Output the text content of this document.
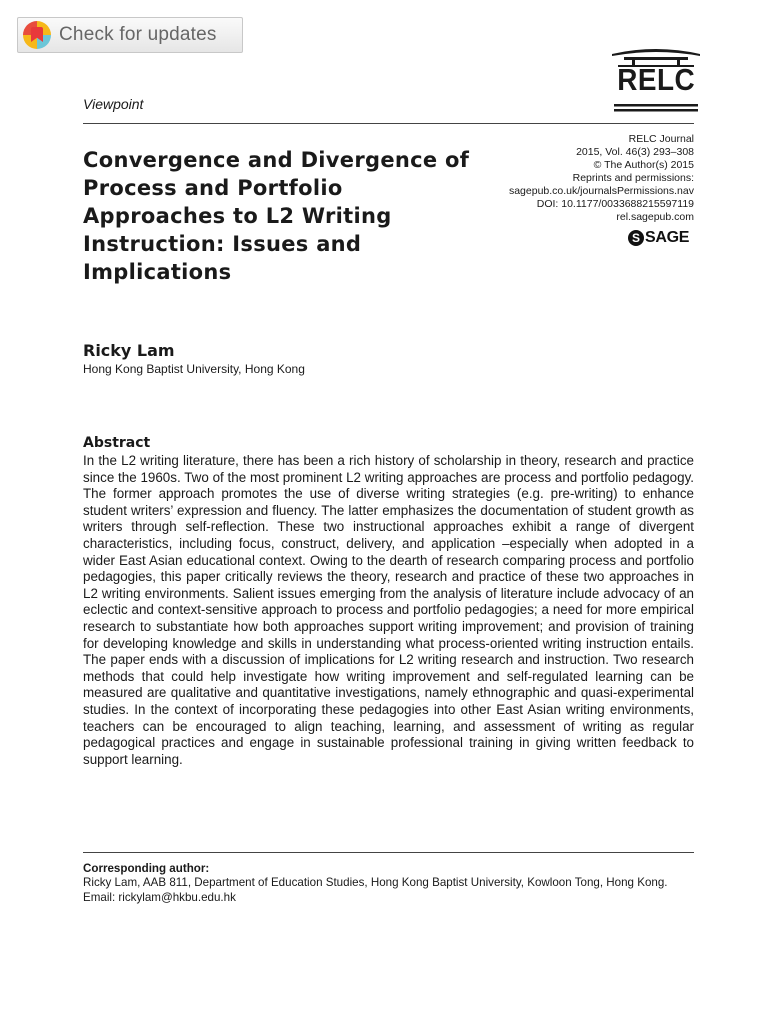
Check for updates
RELC
Viewpoint
Convergence and Divergence of Process and Portfolio Approaches to L2 Writing Instruction: Issues and Implications
RELC Journal
2015, Vol. 46(3) 293–308
© The Author(s) 2015
Reprints and permissions:
sagepub.co.uk/journalsPermissions.nav
DOI: 10.1177/0033688215597119
rel.sagepub.com
S SAGE
Ricky Lam
Hong Kong Baptist University, Hong Kong
Abstract

In the L2 writing literature, there has been a rich history of scholarship in theory, research and practice since the 1960s. Two of the most prominent L2 writing approaches are process and portfolio pedagogy. The former approach promotes the use of diverse writing strategies (e.g. pre-writing) to enhance student writers’ expression and fluency. The latter emphasizes the documentation of student growth as writers through self-reflection. These two instructional approaches exhibit a range of divergent characteristics, including focus, construct, delivery, and application –especially when adopted in a wider East Asian educational context. Owing to the dearth of research comparing process and portfolio pedagogies, this paper critically reviews the theory, research and practice of these two approaches in L2 writing environments. Salient issues emerging from the analysis of literature include advocacy of an eclectic and context-sensitive approach to process and portfolio pedagogies; a need for more empirical research to substantiate how both approaches support writing improvement; and provision of training for developing knowledge and skills in understanding what process-oriented writing instruction entails. The paper ends with a discussion of implications for L2 writing research and instruction. Two research methods that could help investigate how writing improvement and self-regulated learning can be measured are qualitative and quantitative investigations, namely ethnographic and quasi-experimental studies. In the context of incorporating these pedagogies into other East Asian writing environments, teachers can be encouraged to align teaching, learning, and assessment of writing as regular pedagogical practices and engage in sustainable professional training in giving written feedback to support learning.

Corresponding author:
Ricky Lam, AAB 811, Department of Education Studies, Hong Kong Baptist University, Kowloon Tong, Hong Kong.
Email: rickylam@hkbu.edu.hk
